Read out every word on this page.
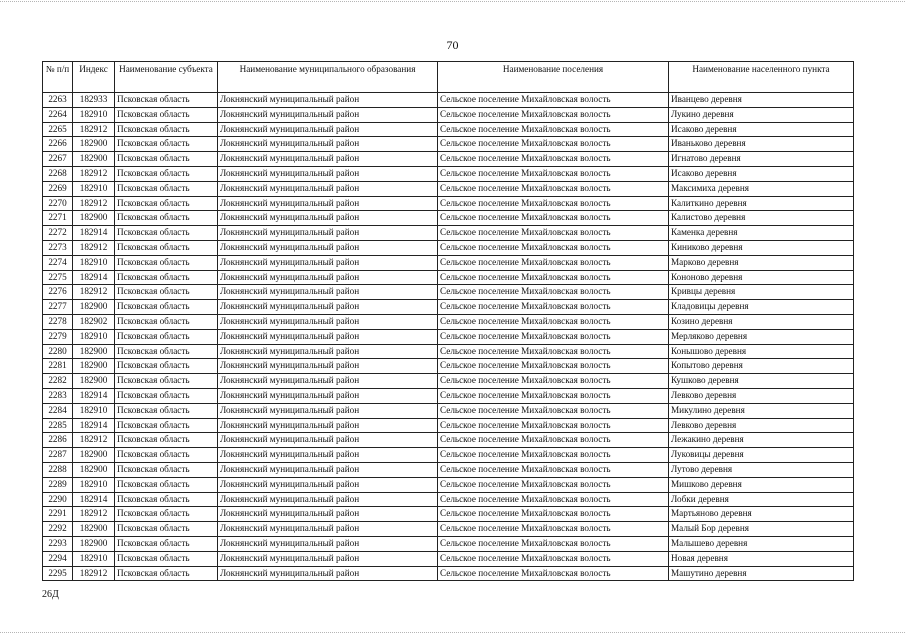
70
№ п/п	Индекс	Наименование субъекта	Наименование муниципального образования	Наименование поселения	Наименование населенного пункта
2263	182933	Псковская область	Локнянский муниципальный район	Сельское поселение Михайловская волость	Иванцево деревня
2264	182910	Псковская область	Локнянский муниципальный район	Сельское поселение Михайловская волость	Лукино деревня
2265	182912	Псковская область	Локнянский муниципальный район	Сельское поселение Михайловская волость	Исаково деревня
2266	182900	Псковская область	Локнянский муниципальный район	Сельское поселение Михайловская волость	Иваньково деревня
2267	182900	Псковская область	Локнянский муниципальный район	Сельское поселение Михайловская волость	Игнатово деревня
2268	182912	Псковская область	Локнянский муниципальный район	Сельское поселение Михайловская волость	Исаково деревня
2269	182910	Псковская область	Локнянский муниципальный район	Сельское поселение Михайловская волость	Максимиха деревня
2270	182912	Псковская область	Локнянский муниципальный район	Сельское поселение Михайловская волость	Калиткино деревня
2271	182900	Псковская область	Локнянский муниципальный район	Сельское поселение Михайловская волость	Калистово деревня
2272	182914	Псковская область	Локнянский муниципальный район	Сельское поселение Михайловская волость	Каменка деревня
2273	182912	Псковская область	Локнянский муниципальный район	Сельское поселение Михайловская волость	Киниково деревня
2274	182910	Псковская область	Локнянский муниципальный район	Сельское поселение Михайловская волость	Марково деревня
2275	182914	Псковская область	Локнянский муниципальный район	Сельское поселение Михайловская волость	Кононово деревня
2276	182912	Псковская область	Локнянский муниципальный район	Сельское поселение Михайловская волость	Кривцы деревня
2277	182900	Псковская область	Локнянский муниципальный район	Сельское поселение Михайловская волость	Кладовицы деревня
2278	182902	Псковская область	Локнянский муниципальный район	Сельское поселение Михайловская волость	Козино деревня
2279	182910	Псковская область	Локнянский муниципальный район	Сельское поселение Михайловская волость	Мерляково деревня
2280	182900	Псковская область	Локнянский муниципальный район	Сельское поселение Михайловская волость	Конышово деревня
2281	182900	Псковская область	Локнянский муниципальный район	Сельское поселение Михайловская волость	Копытово деревня
2282	182900	Псковская область	Локнянский муниципальный район	Сельское поселение Михайловская волость	Кушково деревня
2283	182914	Псковская область	Локнянский муниципальный район	Сельское поселение Михайловская волость	Левково деревня
2284	182910	Псковская область	Локнянский муниципальный район	Сельское поселение Михайловская волость	Микулино деревня
2285	182914	Псковская область	Локнянский муниципальный район	Сельское поселение Михайловская волость	Левково деревня
2286	182912	Псковская область	Локнянский муниципальный район	Сельское поселение Михайловская волость	Лежакино деревня
2287	182900	Псковская область	Локнянский муниципальный район	Сельское поселение Михайловская волость	Луковицы деревня
2288	182900	Псковская область	Локнянский муниципальный район	Сельское поселение Михайловская волость	Лутово деревня
2289	182910	Псковская область	Локнянский муниципальный район	Сельское поселение Михайловская волость	Мишково деревня
2290	182914	Псковская область	Локнянский муниципальный район	Сельское поселение Михайловская волость	Лобки деревня
2291	182912	Псковская область	Локнянский муниципальный район	Сельское поселение Михайловская волость	Мартьяново деревня
2292	182900	Псковская область	Локнянский муниципальный район	Сельское поселение Михайловская волость	Малый Бор деревня
2293	182900	Псковская область	Локнянский муниципальный район	Сельское поселение Михайловская волость	Малышево деревня
2294	182910	Псковская область	Локнянский муниципальный район	Сельское поселение Михайловская волость	Новая деревня
2295	182912	Псковская область	Локнянский муниципальный район	Сельское поселение Михайловская волость	Машутино деревня
26Д
